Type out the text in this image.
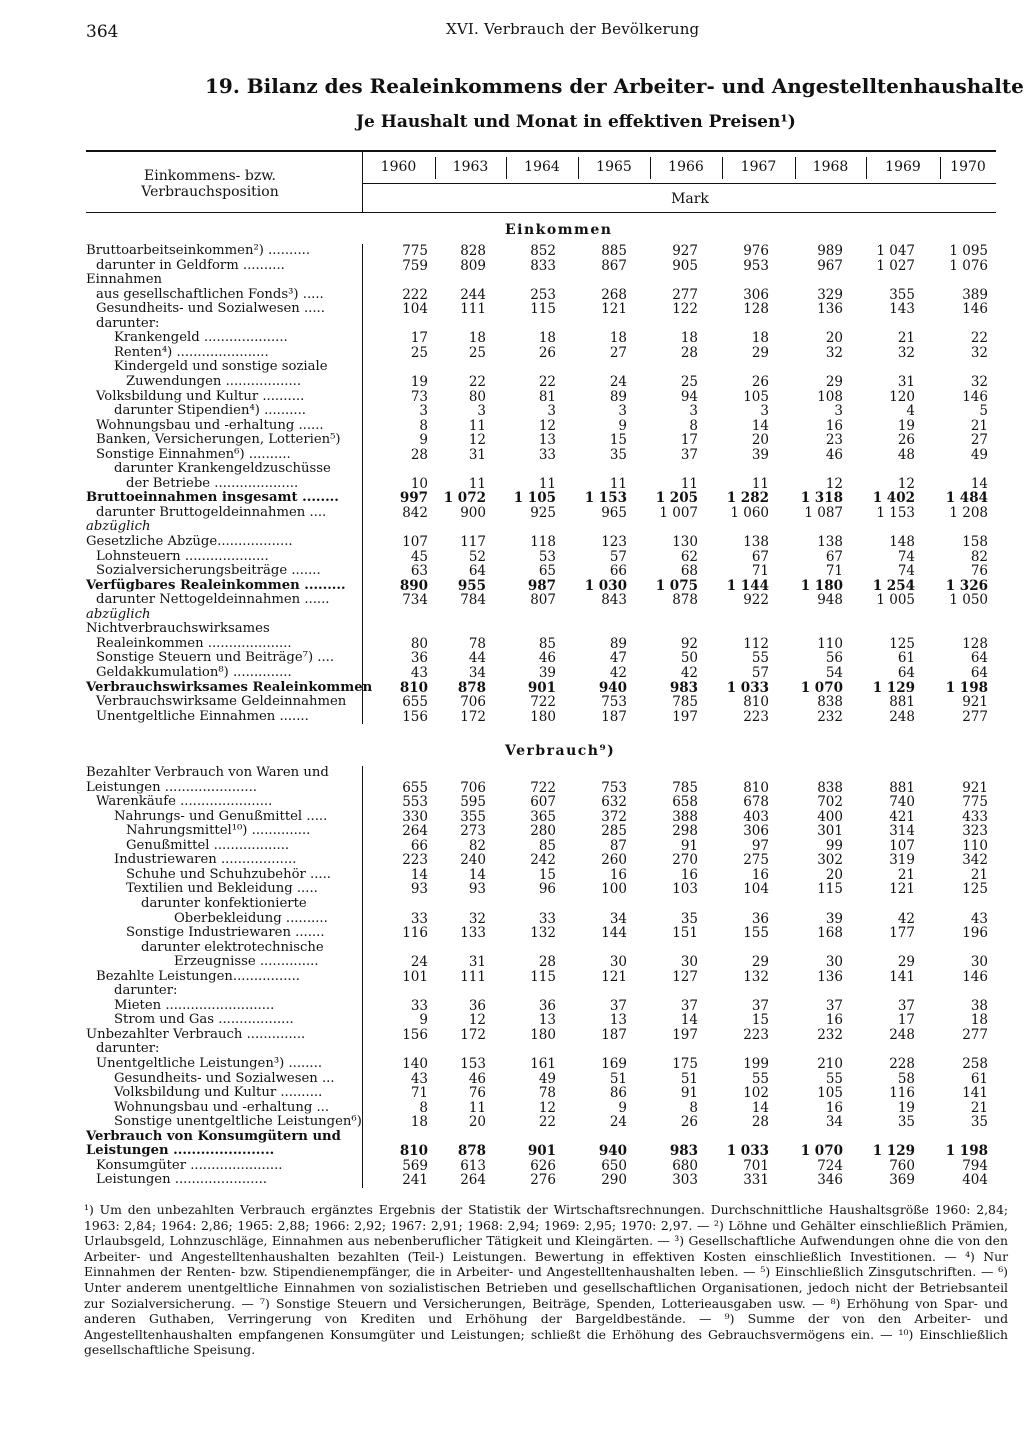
364	XVI. Verbrauch der Bevölkerung
19. Bilanz des Realeinkommens der Arbeiter- und Angestelltenhaushalte
Je Haushalt und Monat in effektiven Preisen¹)
Einkommens- bzw.
Verbrauchsposition
1960	1963	1964	1965	1966	1967	1968	1969	1970
Mark
Einkommen
Bruttoarbeitseinkommen²) ..........	775	828	852	885	927	976	989	1 047	1 095
darunter in Geldform ..........	759	809	833	867	905	953	967	1 027	1 076
Einnahmen
aus gesellschaftlichen Fonds³) .....	222	244	253	268	277	306	329	355	389
Gesundheits- und Sozialwesen .....	104	111	115	121	122	128	136	143	146
darunter:
Krankengeld ....................	17	18	18	18	18	18	20	21	22
Renten⁴) ......................	25	25	26	27	28	29	32	32	32
Kindergeld und sonstige soziale
Zuwendungen ..................	19	22	22	24	25	26	29	31	32
Volksbildung und Kultur ..........	73	80	81	89	94	105	108	120	146
darunter Stipendien⁴) ..........	3	3	3	3	3	3	3	4	5
Wohnungsbau und -erhaltung ......	8	11	12	9	8	14	16	19	21
Banken, Versicherungen, Lotterien⁵)	9	12	13	15	17	20	23	26	27
Sonstige Einnahmen⁶) ..........	28	31	33	35	37	39	46	48	49
darunter Krankengeldzuschüsse
der Betriebe ....................	10	11	11	11	11	11	12	12	14
Bruttoeinnahmen insgesamt ........	997	1 072	1 105	1 153	1 205	1 282	1 318	1 402	1 484
darunter Bruttogeldeinnahmen ....	842	900	925	965	1 007	1 060	1 087	1 153	1 208
abzüglich
Gesetzliche Abzüge..................	107	117	118	123	130	138	138	148	158
Lohnsteuern ....................	45	52	53	57	62	67	67	74	82
Sozialversicherungsbeiträge .......	63	64	65	66	68	71	71	74	76
Verfügbares Realeinkommen .........	890	955	987	1 030	1 075	1 144	1 180	1 254	1 326
darunter Nettogeldeinnahmen ......	734	784	807	843	878	922	948	1 005	1 050
abzüglich
Nichtverbrauchswirksames
Realeinkommen ....................	80	78	85	89	92	112	110	125	128
Sonstige Steuern und Beiträge⁷) ....	36	44	46	47	50	55	56	61	64
Geldakkumulation⁸) ..............	43	34	39	42	42	57	54	64	64
Verbrauchswirksames Realeinkommen	810	878	901	940	983	1 033	1 070	1 129	1 198
Verbrauchswirksame Geldeinnahmen	655	706	722	753	785	810	838	881	921
Unentgeltliche Einnahmen .......	156	172	180	187	197	223	232	248	277
Verbrauch⁹)
Bezahlter Verbrauch von Waren und
Leistungen ......................	655	706	722	753	785	810	838	881	921
Warenkäufe ......................	553	595	607	632	658	678	702	740	775
Nahrungs- und Genußmittel .....	330	355	365	372	388	403	400	421	433
Nahrungsmittel¹⁰) ..............	264	273	280	285	298	306	301	314	323
Genußmittel ..................	66	82	85	87	91	97	99	107	110
Industriewaren ..................	223	240	242	260	270	275	302	319	342
Schuhe und Schuhzubehör .....	14	14	15	16	16	16	20	21	21
Textilien und Bekleidung .....	93	93	96	100	103	104	115	121	125
darunter konfektionierte
Oberbekleidung ..........	33	32	33	34	35	36	39	42	43
Sonstige Industriewaren .......	116	133	132	144	151	155	168	177	196
darunter elektrotechnische
Erzeugnisse ..............	24	31	28	30	30	29	30	29	30
Bezahlte Leistungen................	101	111	115	121	127	132	136	141	146
darunter:
Mieten ..........................	33	36	36	37	37	37	37	37	38
Strom und Gas ..................	9	12	13	13	14	15	16	17	18
Unbezahlter Verbrauch ..............	156	172	180	187	197	223	232	248	277
darunter:
Unentgeltliche Leistungen³) ........	140	153	161	169	175	199	210	228	258
Gesundheits- und Sozialwesen ...	43	46	49	51	51	55	55	58	61
Volksbildung und Kultur ..........	71	76	78	86	91	102	105	116	141
Wohnungsbau und -erhaltung ...	8	11	12	9	8	14	16	19	21
Sonstige unentgeltliche Leistungen⁶)	18	20	22	24	26	28	34	35	35
Verbrauch von Konsumgütern und
Leistungen ......................	810	878	901	940	983	1 033	1 070	1 129	1 198
Konsumgüter ......................	569	613	626	650	680	701	724	760	794
Leistungen ......................	241	264	276	290	303	331	346	369	404
¹) Um den unbezahlten Verbrauch ergänztes Ergebnis der Statistik der Wirtschaftsrechnungen. Durchschnittliche Haushaltsgröße 1960: 2,84; 1963: 2,84; 1964: 2,86; 1965: 2,88; 1966: 2,92; 1967: 2,91; 1968: 2,94; 1969: 2,95; 1970: 2,97. — ²) Löhne und Gehälter einschließlich Prämien, Urlaubsgeld, Lohnzuschläge, Einnahmen aus nebenberuflicher Tätigkeit und Kleingärten. — ³) Gesellschaftliche Aufwendungen ohne die von den Arbeiter- und Angestelltenhaushalten bezahlten (Teil-) Leistungen. Bewertung in effektiven Kosten einschließlich Investitionen. — ⁴) Nur Einnahmen der Renten- bzw. Stipendienempfänger, die in Arbeiter- und Angestelltenhaushalten leben. — ⁵) Einschließlich Zinsgutschriften. — ⁶) Unter anderem unentgeltliche Einnahmen von sozialistischen Betrieben und gesellschaftlichen Organisationen, jedoch nicht der Betriebsanteil zur Sozialversicherung. — ⁷) Sonstige Steuern und Versicherungen, Beiträge, Spenden, Lotterieausgaben usw. — ⁸) Erhöhung von Spar- und anderen Guthaben, Verringerung von Krediten und Erhöhung der Bargeldbestände. — ⁹) Summe der von den Arbeiter- und Angestelltenhaushalten empfangenen Konsumgüter und Leistungen; schließt die Erhöhung des Gebrauchsvermögens ein. — ¹⁰) Einschließlich gesellschaftliche Speisung.
